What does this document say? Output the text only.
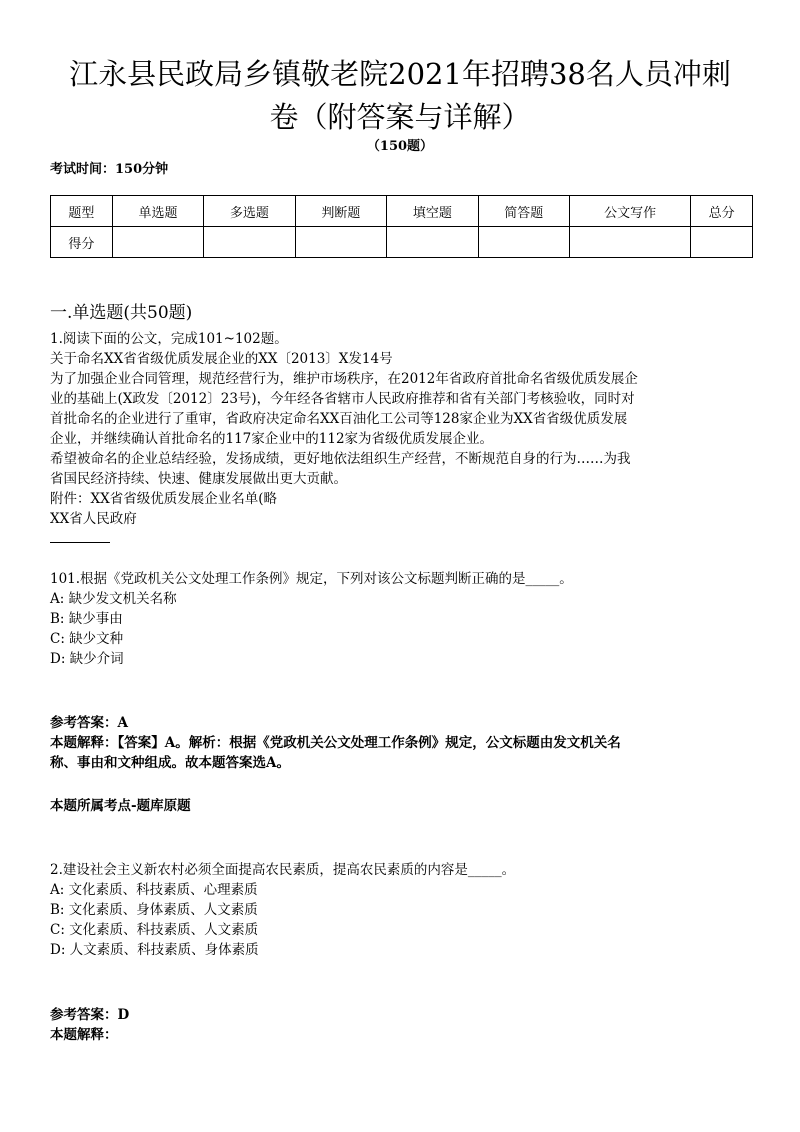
江永县民政局乡镇敬老院2021年招聘38名人员冲刺
卷（附答案与详解）
（150题）
考试时间：150分钟
题型	单选题	多选题	判断题	填空题	简答题	公文写作	总分
得分							
一.单选题(共50题)
1.阅读下面的公文，完成101~102题。
关于命名XX省省级优质发展企业的XX〔2013〕X发14号
为了加强企业合同管理，规范经营行为，维护市场秩序，在2012年省政府首批命名省级优质发展企
业的基础上(X政发〔2012〕23号)，今年经各省辖市人民政府推荐和省有关部门考核验收，同时对
首批命名的企业进行了重审，省政府决定命名XX百油化工公司等128家企业为XX省省级优质发展
企业，并继续确认首批命名的117家企业中的112家为省级优质发展企业。
希望被命名的企业总结经验，发扬成绩，更好地依法组织生产经营，不断规范自身的行为……为我
省国民经济持续、快速、健康发展做出更大贡献。
附件：XX省省级优质发展企业名单(略
XX省人民政府
101.根据《党政机关公文处理工作条例》规定，下列对该公文标题判断正确的是_____。
A: 缺少发文机关名称
B: 缺少事由
C: 缺少文种
D: 缺少介词
参考答案：A
本题解释：【答案】A。解析：根据《党政机关公文处理工作条例》规定，公文标题由发文机关名
称、事由和文种组成。故本题答案选A。
本题所属考点-题库原题
2.建设社会主义新农村必须全面提高农民素质，提高农民素质的内容是_____。
A: 文化素质、科技素质、心理素质
B: 文化素质、身体素质、人文素质
C: 文化素质、科技素质、人文素质
D: 人文素质、科技素质、身体素质
参考答案：D
本题解释：
